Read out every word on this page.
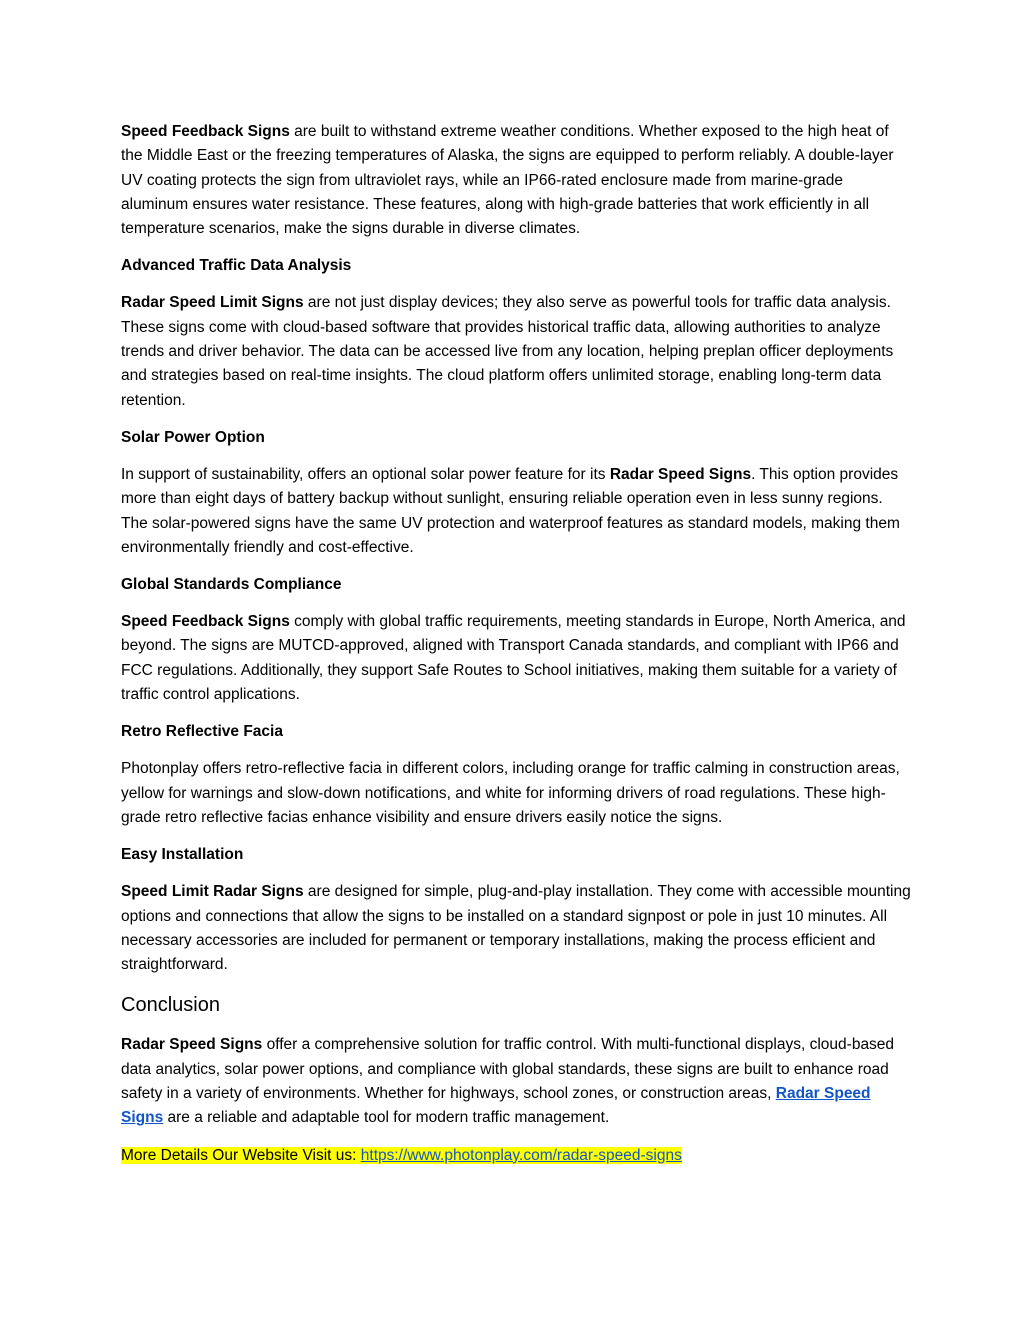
Speed Feedback Signs are built to withstand extreme weather conditions. Whether exposed to the high heat of the Middle East or the freezing temperatures of Alaska, the signs are equipped to perform reliably. A double-layer UV coating protects the sign from ultraviolet rays, while an IP66-rated enclosure made from marine-grade aluminum ensures water resistance. These features, along with high-grade batteries that work efficiently in all temperature scenarios, make the signs durable in diverse climates.

Advanced Traffic Data Analysis

Radar Speed Limit Signs are not just display devices; they also serve as powerful tools for traffic data analysis. These signs come with cloud-based software that provides historical traffic data, allowing authorities to analyze trends and driver behavior. The data can be accessed live from any location, helping preplan officer deployments and strategies based on real-time insights. The cloud platform offers unlimited storage, enabling long-term data retention.

Solar Power Option

In support of sustainability, offers an optional solar power feature for its Radar Speed Signs. This option provides more than eight days of battery backup without sunlight, ensuring reliable operation even in less sunny regions. The solar-powered signs have the same UV protection and waterproof features as standard models, making them environmentally friendly and cost-effective.

Global Standards Compliance

Speed Feedback Signs comply with global traffic requirements, meeting standards in Europe, North America, and beyond. The signs are MUTCD-approved, aligned with Transport Canada standards, and compliant with IP66 and FCC regulations. Additionally, they support Safe Routes to School initiatives, making them suitable for a variety of traffic control applications.

Retro Reflective Facia

Photonplay offers retro-reflective facia in different colors, including orange for traffic calming in construction areas, yellow for warnings and slow-down notifications, and white for informing drivers of road regulations. These high-grade retro reflective facias enhance visibility and ensure drivers easily notice the signs.

Easy Installation

Speed Limit Radar Signs are designed for simple, plug-and-play installation. They come with accessible mounting options and connections that allow the signs to be installed on a standard signpost or pole in just 10 minutes. All necessary accessories are included for permanent or temporary installations, making the process efficient and straightforward.

Conclusion

Radar Speed Signs offer a comprehensive solution for traffic control. With multi-functional displays, cloud-based data analytics, solar power options, and compliance with global standards, these signs are built to enhance road safety in a variety of environments. Whether for highways, school zones, or construction areas, Radar Speed Signs are a reliable and adaptable tool for modern traffic management.

More Details Our Website Visit us: https://www.photonplay.com/radar-speed-signs
